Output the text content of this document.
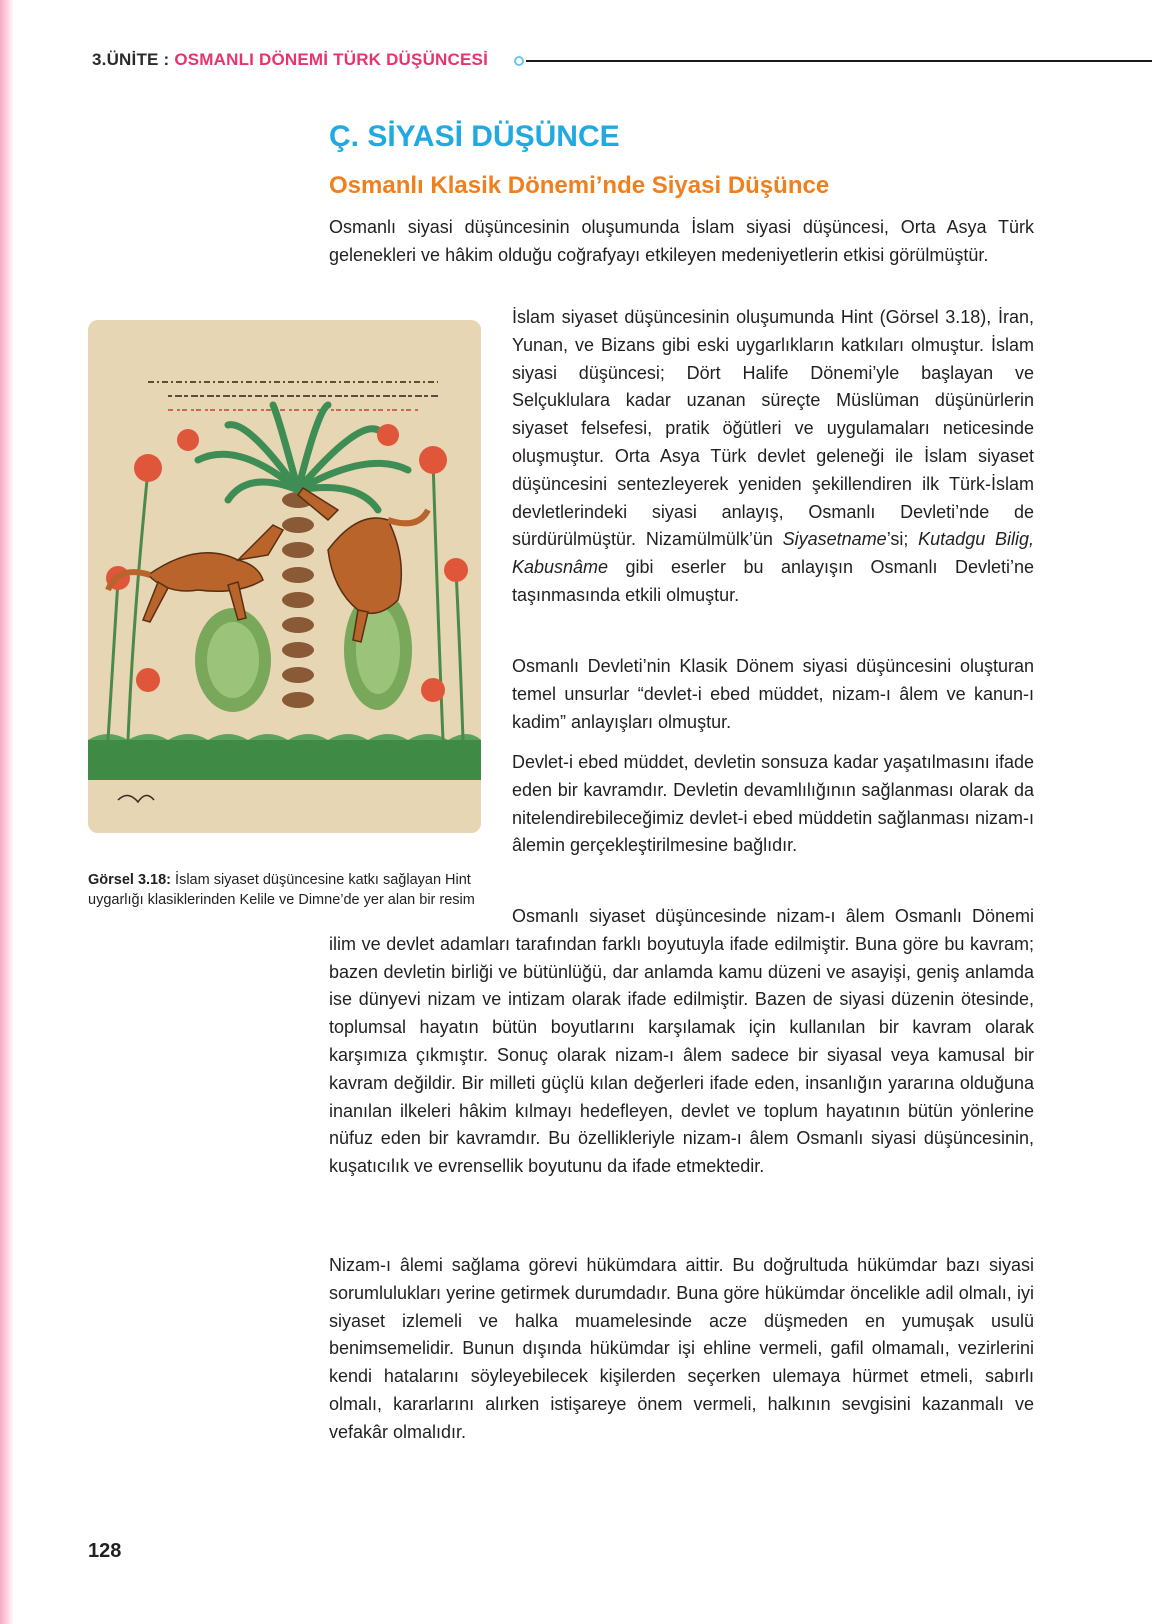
3.ÜNİTE : OSMANLI DÖNEMİ TÜRK DÜŞÜNCESİ
Ç. SİYASİ DÜŞÜNCE
Osmanlı Klasik Dönemi’nde Siyasi Düşünce

Osmanlı siyasi düşüncesinin oluşumunda İslam siyasi düşüncesi, Orta Asya Türk gelenekleri ve hâkim olduğu coğrafyayı etkileyen medeniyetlerin etkisi görülmüştür.

İslam siyaset düşüncesinin oluşumunda Hint (Görsel 3.18), İran, Yunan, ve Bizans gibi eski uygarlıkların katkıları olmuştur. İslam siyasi düşüncesi; Dört Halife Dönemi’yle başlayan ve Selçuklulara kadar uzanan süreçte Müslüman düşünürlerin siyaset felsefesi, pratik öğütleri ve uygulamaları neticesinde oluşmuştur. Orta Asya Türk devlet geleneği ile İslam siyaset düşüncesini sentezleyerek yeniden şekillendiren ilk Türk-İslam devletlerindeki siyasi anlayış, Osmanlı Devleti’nde de sürdürülmüştür. Nizamülmülk’ün Siyasetname’si; Kutadgu Bilig, Kabusnâme gibi eserler bu anlayışın Osmanlı Devleti’ne taşınmasında etkili olmuştur.

Osmanlı Devleti’nin Klasik Dönem siyasi düşüncesini oluşturan temel unsurlar “devlet-i ebed müddet, nizam-ı âlem ve kanun-ı kadim” anlayışları olmuştur.

Devlet-i ebed müddet, devletin sonsuza kadar yaşatılmasını ifade eden bir kavramdır. Devletin devamlılığının sağlanması olarak da nitelendirebileceğimiz devlet-i ebed müddetin sağlanması nizam-ı âlemin gerçekleştirilmesine bağlıdır.

Osmanlı siyaset düşüncesinde nizam-ı âlem Osmanlı Dönemi ilim ve devlet adamları tarafından farklı boyutuyla ifade edilmiştir. Buna göre bu kavram; bazen devletin birliği ve bütünlüğü, dar anlamda kamu düzeni ve asayişi, geniş anlamda ise dünyevi nizam ve intizam olarak ifade edilmiştir. Bazen de siyasi düzenin ötesinde, toplumsal hayatın bütün boyutlarını karşılamak için kullanılan bir kavram olarak karşımıza çıkmıştır. Sonuç olarak nizam-ı âlem sadece bir siyasal veya kamusal bir kavram değildir. Bir milleti güçlü kılan değerleri ifade eden, insanlığın yararına olduğuna inanılan ilkeleri hâkim kılmayı hedefleyen, devlet ve toplum hayatının bütün yönlerine nüfuz eden bir kavramdır. Bu özellikleriyle nizam-ı âlem Osmanlı siyasi düşüncesinin, kuşatıcılık ve evrensellik boyutunu da ifade etmektedir.

Nizam-ı âlemi sağlama görevi hükümdara aittir. Bu doğrultuda hükümdar bazı siyasi sorumlulukları yerine getirmek durumdadır. Buna göre hükümdar öncelikle adil olmalı, iyi siyaset izlemeli ve halka muamelesinde acze düşmeden en yumuşak usulü benimsemelidir. Bunun dışında hükümdar işi ehline vermeli, gafil olmamalı, vezirlerini kendi hatalarını söyleyebilecek kişilerden seçerken ulemaya hürmet etmeli, sabırlı olmalı, kararlarını alırken istişareye önem vermeli, halkının sevgisini kazanmalı ve vefakâr olmalıdır.

Görsel 3.18: İslam siyaset düşüncesine katkı sağlayan Hint uygarlığı klasiklerinden Kelile ve Dimne’de yer alan bir resim
128
